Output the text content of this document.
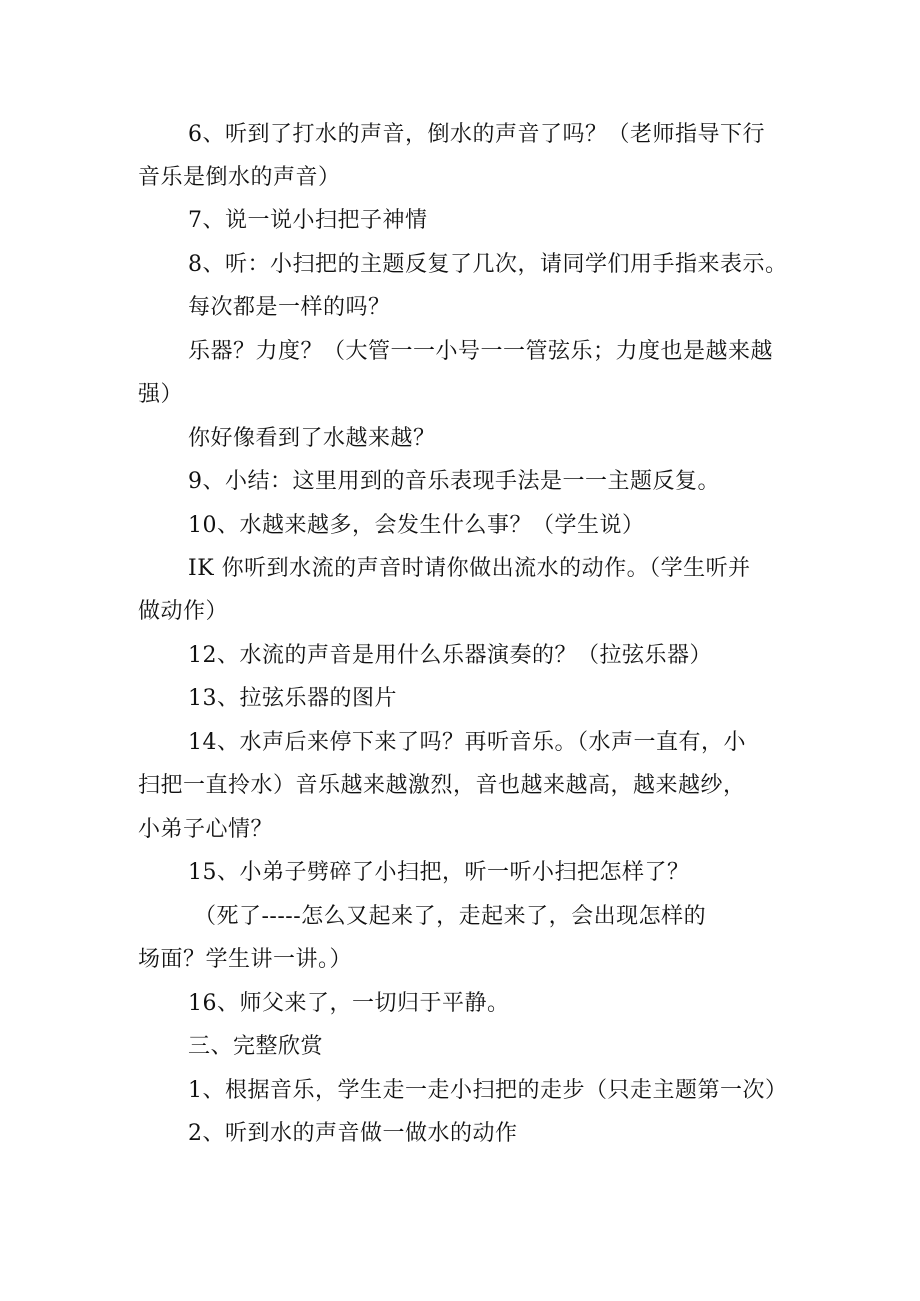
6、听到了打水的声音，倒水的声音了吗？（老师指导下行
音乐是倒水的声音）
7、说一说小扫把子神情
8、听：小扫把的主题反复了几次，请同学们用手指来表示。
每次都是一样的吗？
乐器？力度？（大管一一小号一一管弦乐；力度也是越来越
强）
你好像看到了水越来越？
9、小结：这里用到的音乐表现手法是一一主题反复。
10、水越来越多，会发生什么事？（学生说）
IK 你听到水流的声音时请你做出流水的动作。（学生听并
做动作）
12、水流的声音是用什么乐器演奏的？（拉弦乐器）
13、拉弦乐器的图片
14、水声后来停下来了吗？再听音乐。（水声一直有，小
扫把一直拎水）音乐越来越激烈，音也越来越高，越来越纱，
小弟子心情？
15、小弟子劈碎了小扫把，听一听小扫把怎样了？
（死了-----怎么又起来了，走起来了，会出现怎样的
场面？学生讲一讲。）
16、师父来了，一切归于平静。
三、完整欣赏
1、根据音乐，学生走一走小扫把的走步（只走主题第一次）
2、听到水的声音做一做水的动作
